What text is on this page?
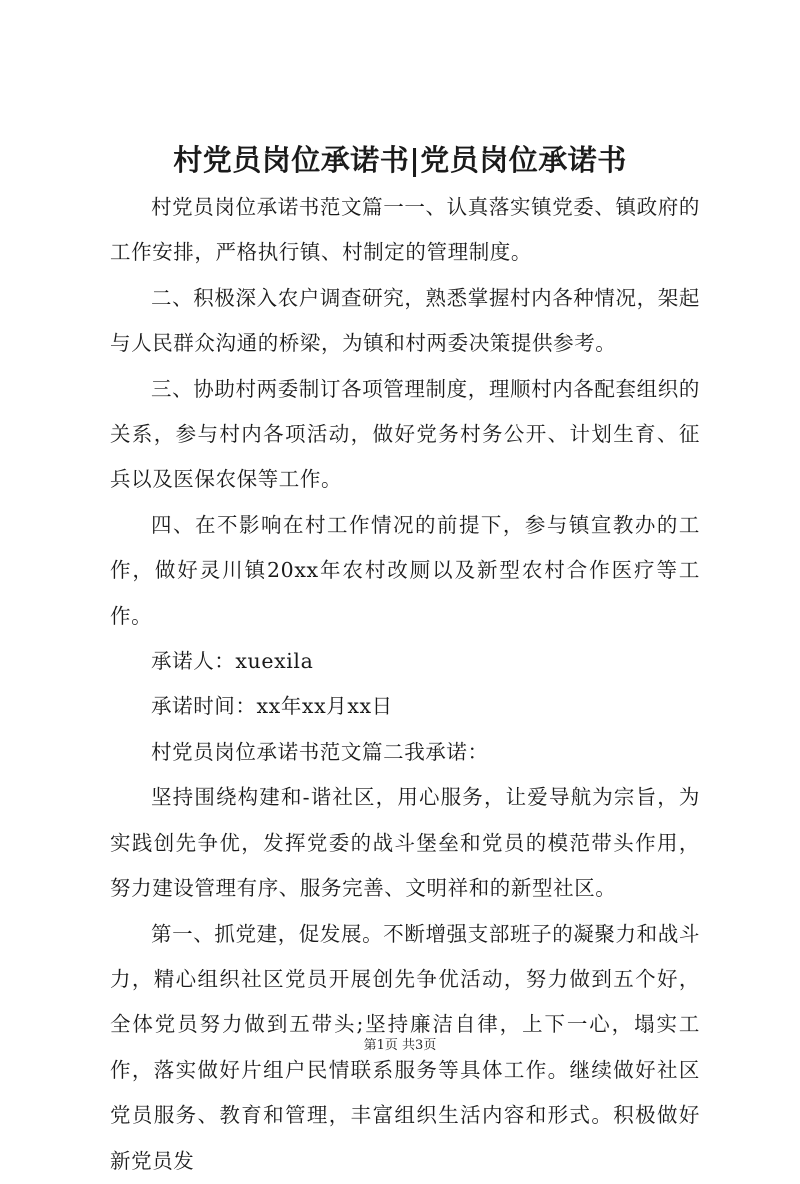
村党员岗位承诺书|党员岗位承诺书

村党员岗位承诺书范文篇一一、认真落实镇党委、镇政府的工作安排，严格执行镇、村制定的管理制度。

二、积极深入农户调查研究，熟悉掌握村内各种情况，架起与人民群众沟通的桥梁，为镇和村两委决策提供参考。

三、协助村两委制订各项管理制度，理顺村内各配套组织的关系，参与村内各项活动，做好党务村务公开、计划生育、征兵以及医保农保等工作。

四、在不影响在村工作情况的前提下，参与镇宣教办的工作，做好灵川镇20xx年农村改厕以及新型农村合作医疗等工作。

承诺人：xuexila

承诺时间：xx年xx月xx日

村党员岗位承诺书范文篇二我承诺：

坚持围绕构建和-谐社区，用心服务，让爱导航为宗旨，为实践创先争优，发挥党委的战斗堡垒和党员的模范带头作用，努力建设管理有序、服务完善、文明祥和的新型社区。

第一、抓党建，促发展。不断增强支部班子的凝聚力和战斗力，精心组织社区党员开展创先争优活动，努力做到五个好，全体党员努力做到五带头;坚持廉洁自律，上下一心，塌实工作，落实做好片组户民情联系服务等具体工作。继续做好社区党员服务、教育和管理，丰富组织生活内容和形式。积极做好新党员发

第1页 共3页
